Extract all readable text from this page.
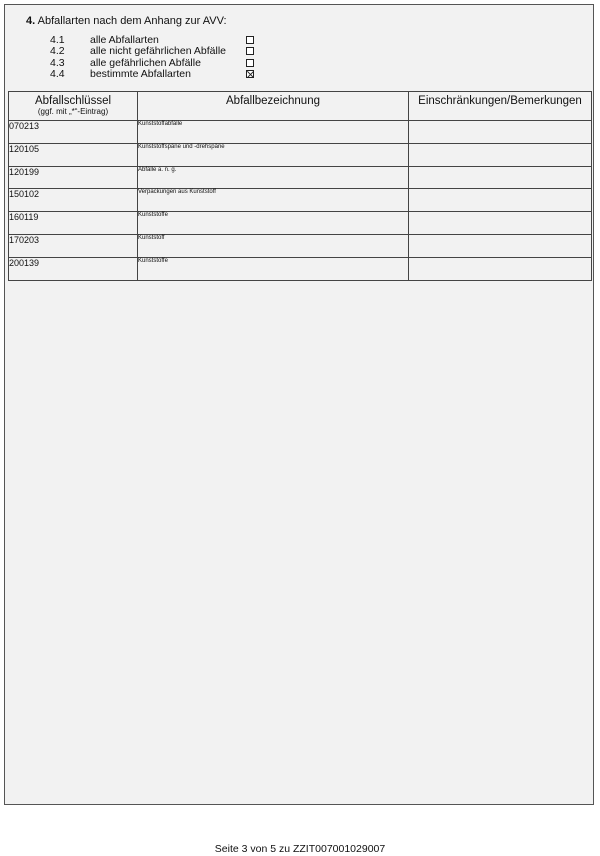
4. Abfallarten nach dem Anhang zur AVV:
4.1	alle Abfallarten
4.2	alle nicht gefährlichen Abfälle
4.3	alle gefährlichen Abfälle
4.4	bestimmte Abfallarten
Abfallschlüssel
(ggf. mit „*“-Eintrag)	Abfallbezeichnung	Einschränkungen/Bemerkungen

070213	Kunststoffabfälle	
120105	Kunststoffspäne und -drehspäne	
120199	Abfälle a. n. g.	
150102	Verpackungen aus Kunststoff	
160119	Kunststoffe	
170203	Kunststoff	
200139	Kunststoffe	
Seite 3 von 5 zu ZZIT007001029007
